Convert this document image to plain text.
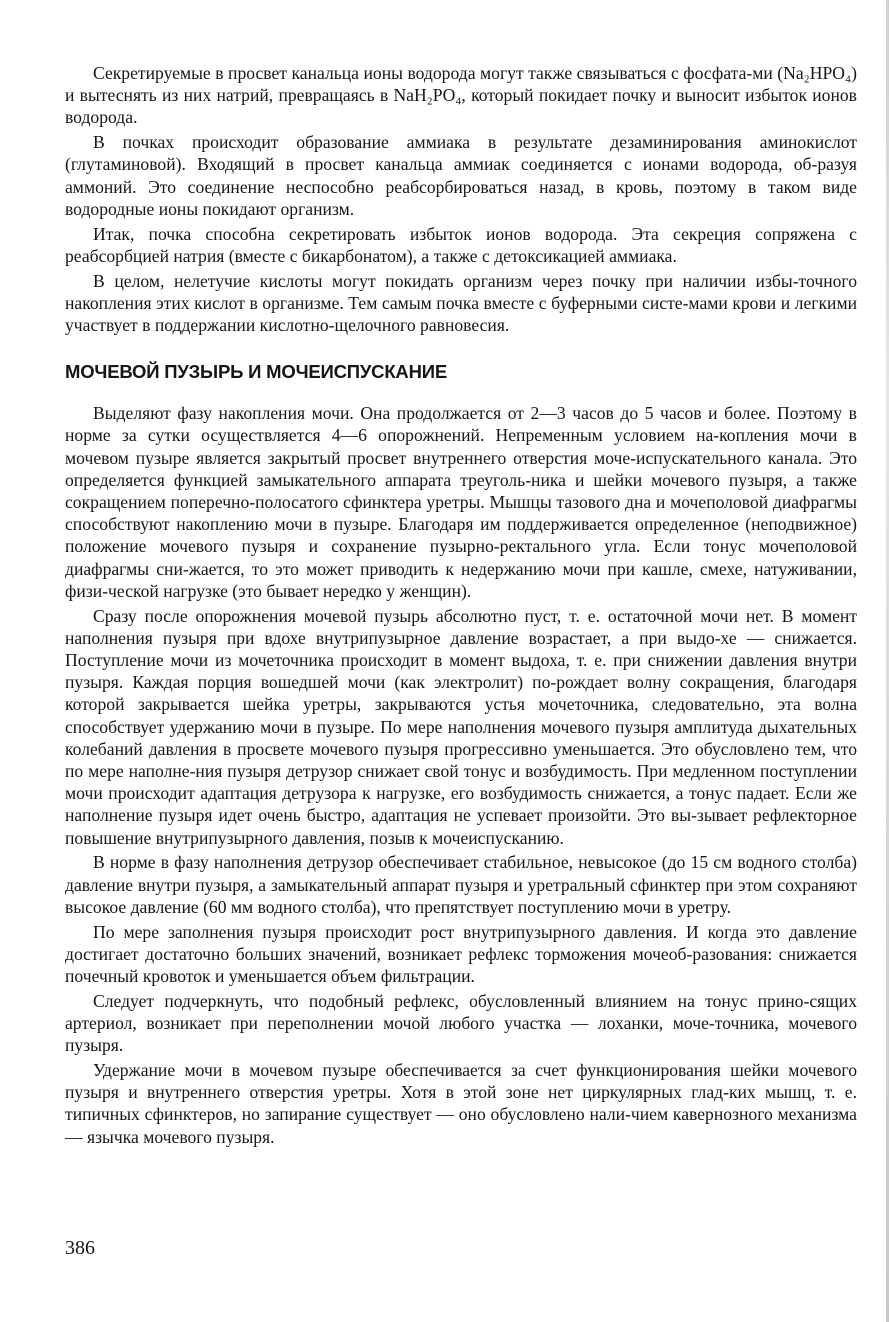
Секретируемые в просвет канальца ионы водорода могут также связываться с фосфата-ми (Na₂HPO₄) и вытеснять из них натрий, превращаясь в NaH₂PO₄, который покидает почку и выносит избыток ионов водорода.

В почках происходит образование аммиака в результате дезаминирования аминокислот (глутаминовой). Входящий в просвет канальца аммиак соединяется с ионами водорода, об-разуя аммоний. Это соединение неспособно реабсорбироваться назад, в кровь, поэтому в таком виде водородные ионы покидают организм.

Итак, почка способна секретировать избыток ионов водорода. Эта секреция сопряжена с реабсорбцией натрия (вместе с бикарбонатом), а также с детоксикацией аммиака.

В целом, нелетучие кислоты могут покидать организм через почку при наличии избы-точного накопления этих кислот в организме. Тем самым почка вместе с буферными систе-мами крови и легкими участвует в поддержании кислотно-щелочного равновесия.

МОЧЕВОЙ ПУЗЫРЬ И МОЧЕИСПУСКАНИЕ

Выделяют фазу накопления мочи. Она продолжается от 2—3 часов до 5 часов и более. Поэтому в норме за сутки осуществляется 4—6 опорожнений. Непременным условием на-копления мочи в мочевом пузыре является закрытый просвет внутреннего отверстия моче-испускательного канала. Это определяется функцией замыкательного аппарата треуголь-ника и шейки мочевого пузыря, а также сокращением поперечно-полосатого сфинктера уретры. Мышцы тазового дна и мочеполовой диафрагмы способствуют накоплению мочи в пузыре. Благодаря им поддерживается определенное (неподвижное) положение мочевого пузыря и сохранение пузырно-ректального угла. Если тонус мочеполовой диафрагмы сни-жается, то это может приводить к недержанию мочи при кашле, смехе, натуживании, физи-ческой нагрузке (это бывает нередко у женщин).

Сразу после опорожнения мочевой пузырь абсолютно пуст, т. е. остаточной мочи нет. В момент наполнения пузыря при вдохе внутрипузырное давление возрастает, а при выдо-хе — снижается. Поступление мочи из мочеточника происходит в момент выдоха, т. е. при снижении давления внутри пузыря. Каждая порция вошедшей мочи (как электролит) по-рождает волну сокращения, благодаря которой закрывается шейка уретры, закрываются устья мочеточника, следовательно, эта волна способствует удержанию мочи в пузыре. По мере наполнения мочевого пузыря амплитуда дыхательных колебаний давления в просвете мочевого пузыря прогрессивно уменьшается. Это обусловлено тем, что по мере наполне-ния пузыря детрузор снижает свой тонус и возбудимость. При медленном поступлении мочи происходит адаптация детрузора к нагрузке, его возбудимость снижается, а тонус падает. Если же наполнение пузыря идет очень быстро, адаптация не успевает произойти. Это вы-зывает рефлекторное повышение внутрипузырного давления, позыв к мочеиспусканию.

В норме в фазу наполнения детрузор обеспечивает стабильное, невысокое (до 15 см водного столба) давление внутри пузыря, а замыкательный аппарат пузыря и уретральный сфинктер при этом сохраняют высокое давление (60 мм водного столба), что препятствует поступлению мочи в уретру.

По мере заполнения пузыря происходит рост внутрипузырного давления. И когда это давление достигает достаточно больших значений, возникает рефлекс торможения мочеоб-разования: снижается почечный кровоток и уменьшается объем фильтрации.

Следует подчеркнуть, что подобный рефлекс, обусловленный влиянием на тонус прино-сящих артериол, возникает при переполнении мочой любого участка — лоханки, моче-точника, мочевого пузыря.

Удержание мочи в мочевом пузыре обеспечивается за счет функционирования шейки мочевого пузыря и внутреннего отверстия уретры. Хотя в этой зоне нет циркулярных глад-ких мышц, т. е. типичных сфинктеров, но запирание существует — оно обусловлено нали-чием кавернозного механизма — язычка мочевого пузыря.

386
